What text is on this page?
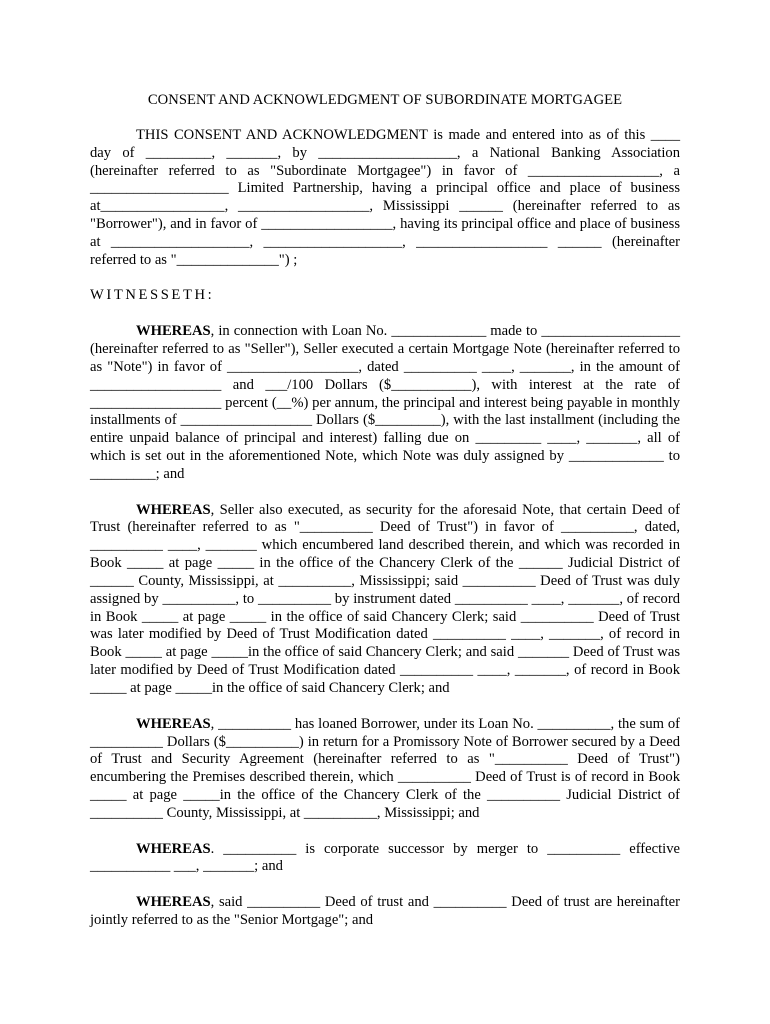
CONSENT AND ACKNOWLEDGMENT OF SUBORDINATE MORTGAGEE

THIS CONSENT AND ACKNOWLEDGMENT is made and entered into as of this ____ day of _________, _______, by ___________________, a National Banking Association (hereinafter referred to as "Subordinate Mortgagee") in favor of __________________, a ___________________ Limited Partnership, having a principal office and place of business at_________________, __________________, Mississippi ______ (hereinafter referred to as "Borrower"), and in favor of __________________, having its principal office and place of business at ___________________, ___________________, __________________ ______ (hereinafter referred to as "______________") ;

WITNESSETH:

WHEREAS, in connection with Loan No. _____________ made to ___________________ (hereinafter referred to as "Seller"), Seller executed a certain Mortgage Note (hereinafter referred to as "Note") in favor of __________________, dated __________ ____, _______, in the amount of __________________ and ___/100 Dollars ($___________), with interest at the rate of __________________ percent (__%) per annum, the principal and interest being payable in monthly installments of __________________ Dollars ($_________), with the last installment (including the entire unpaid balance of principal and interest) falling due on _________ ____, _______, all of which is set out in the aforementioned Note, which Note was duly assigned by _____________ to _________; and

WHEREAS, Seller also executed, as security for the aforesaid Note, that certain Deed of Trust (hereinafter referred to as "__________ Deed of Trust") in favor of __________, dated, __________ ____, _______ which encumbered land described therein, and which was recorded in Book _____ at page _____ in the office of the Chancery Clerk of the ______ Judicial District of ______ County, Mississippi, at __________, Mississippi; said __________ Deed of Trust was duly assigned by __________, to __________ by instrument dated __________ ____, _______, of record in Book _____ at page _____ in the office of said Chancery Clerk; said __________ Deed of Trust was later modified by Deed of Trust Modification dated __________ ____, _______, of record in Book _____ at page _____in the office of said Chancery Clerk; and said _______ Deed of Trust was later modified by Deed of Trust Modification dated __________ ____, _______, of record in Book _____ at page _____in the office of said Chancery Clerk; and

WHEREAS, __________ has loaned Borrower, under its Loan No. __________, the sum of __________ Dollars ($__________) in return for a Promissory Note of Borrower secured by a Deed of Trust and Security Agreement (hereinafter referred to as "__________ Deed of Trust") encumbering the Premises described therein, which __________ Deed of Trust is of record in Book _____ at page _____in the office of the Chancery Clerk of the __________ Judicial District of __________ County, Mississippi, at __________, Mississippi; and

WHEREAS. __________ is corporate successor by merger to __________ effective ___________ ___, _______; and

WHEREAS, said __________ Deed of trust and __________ Deed of trust are hereinafter jointly referred to as the "Senior Mortgage"; and
